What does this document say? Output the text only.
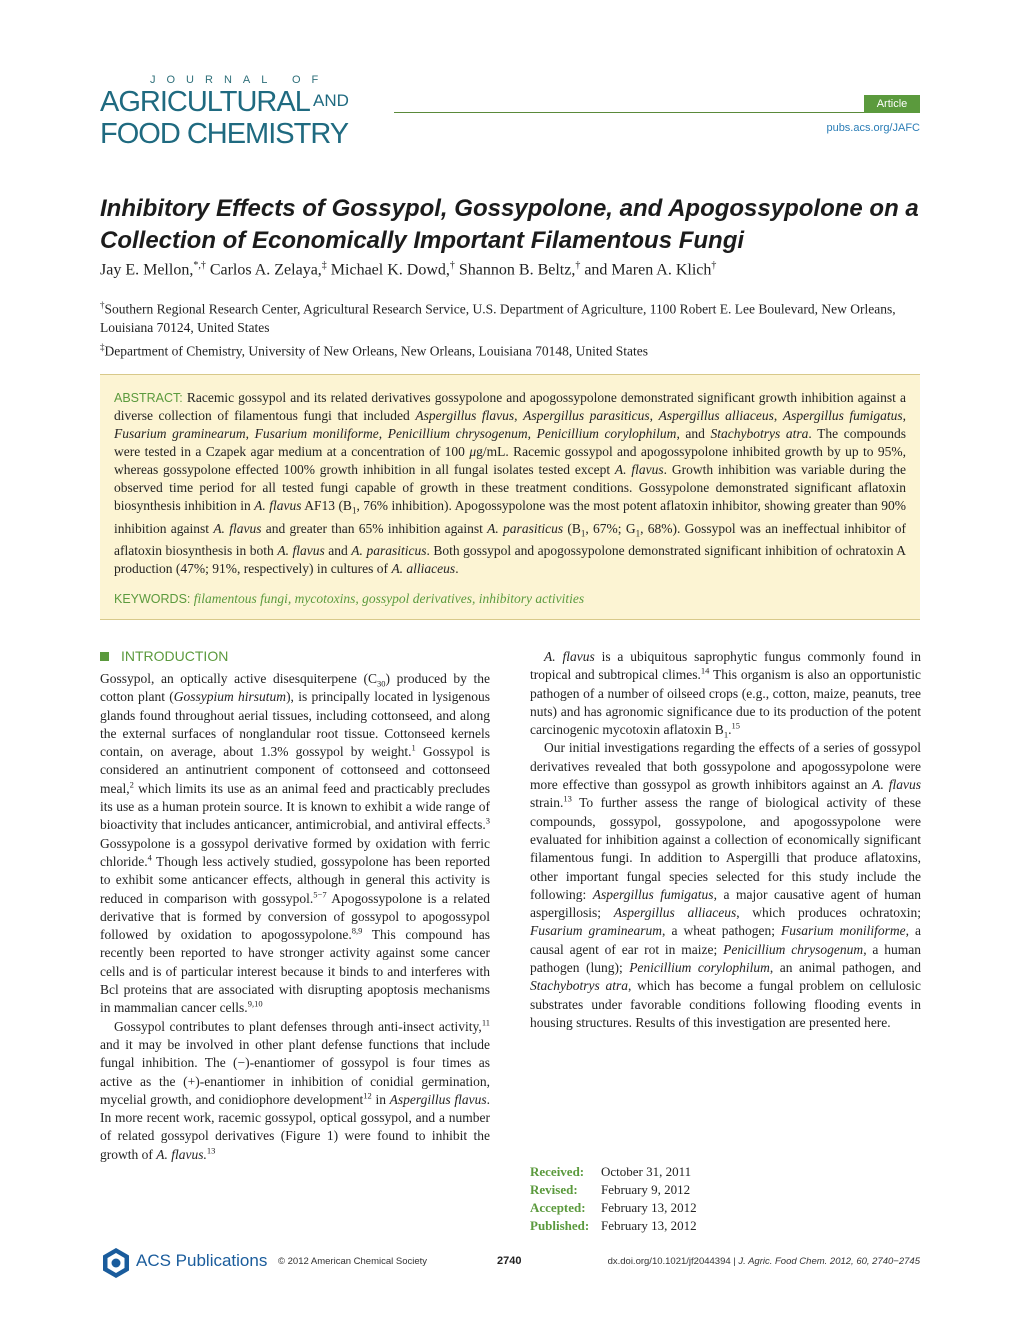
JOURNAL OF
AGRICULTURAL AND
FOOD CHEMISTRY
Article
pubs.acs.org/JAFC
Inhibitory Effects of Gossypol, Gossypolone, and Apogossypolone on a Collection of Economically Important Filamentous Fungi
Jay E. Mellon,*,† Carlos A. Zelaya,‡ Michael K. Dowd,† Shannon B. Beltz,† and Maren A. Klich†
†Southern Regional Research Center, Agricultural Research Service, U.S. Department of Agriculture, 1100 Robert E. Lee Boulevard, New Orleans, Louisiana 70124, United States
‡Department of Chemistry, University of New Orleans, New Orleans, Louisiana 70148, United States

ABSTRACT: Racemic gossypol and its related derivatives gossypolone and apogossypolone demonstrated significant growth inhibition against a diverse collection of filamentous fungi that included Aspergillus flavus, Aspergillus parasiticus, Aspergillus alliaceus, Aspergillus fumigatus, Fusarium graminearum, Fusarium moniliforme, Penicillium chrysogenum, Penicillium corylophilum, and Stachybotrys atra. The compounds were tested in a Czapek agar medium at a concentration of 100 μg/mL. Racemic gossypol and apogossypolone inhibited growth by up to 95%, whereas gossypolone effected 100% growth inhibition in all fungal isolates tested except A. flavus. Growth inhibition was variable during the observed time period for all tested fungi capable of growth in these treatment conditions. Gossypolone demonstrated significant aflatoxin biosynthesis inhibition in A. flavus AF13 ($B_1$, 76% inhibition). Apogossypolone was the most potent aflatoxin inhibitor, showing greater than 90% inhibition against A. flavus and greater than 65% inhibition against A. parasiticus ($B_1$, 67%; $G_1$, 68%). Gossypol was an ineffectual inhibitor of aflatoxin biosynthesis in both A. flavus and A. parasiticus. Both gossypol and apogossypolone demonstrated significant inhibition of ochratoxin A production (47%; 91%, respectively) in cultures of A. alliaceus.

KEYWORDS: filamentous fungi, mycotoxins, gossypol derivatives, inhibitory activities

INTRODUCTION

Gossypol, an optically active disesquiterpene $(C_{30})$ produced by the cotton plant (Gossypium hirsutum), is principally located in lysigenous glands found throughout aerial tissues, including cottonseed, and along the external surfaces of nonglandular root tissue. Cottonseed kernels contain, on average, about 1.3% gossypol by weight.$^1$ Gossypol is considered an antinutrient component of cottonseed and cottonseed meal,$^2$ which limits its use as an animal feed and practicably precludes its use as a human protein source. It is known to exhibit a wide range of bioactivity that includes anticancer, antimicrobial, and antiviral effects.$^3$ Gossypolone is a gossypol derivative formed by oxidation with ferric chloride.$^4$ Though less actively studied, gossypolone has been reported to exhibit some anticancer effects, although in general this activity is reduced in comparison with gossypol.$^{5-7}$ Apogossypolone is a related derivative that is formed by conversion of gossypol to apogossypol followed by oxidation to apogossypolone.$^{8,9}$ This compound has recently been reported to have stronger activity against some cancer cells and is of particular interest because it binds to and interferes with Bcl proteins that are associated with disrupting apoptosis mechanisms in mammalian cancer cells.$^{9,10}$

Gossypol contributes to plant defenses through anti-insect activity,$^{11}$ and it may be involved in other plant defense functions that include fungal inhibition. The (−)-enantiomer of gossypol is four times as active as the (+)-enantiomer in inhibition of conidial germination, mycelial growth, and conidiophore development$^{12}$ in Aspergillus flavus. In more recent work, racemic gossypol, optical gossypol, and a number of related gossypol derivatives (Figure 1) were found to inhibit the growth of A. flavus.$^{13}$

A. flavus is a ubiquitous saprophytic fungus commonly found in tropical and subtropical climes.$^{14}$ This organism is also an opportunistic pathogen of a number of oilseed crops (e.g., cotton, maize, peanuts, tree nuts) and has agronomic significance due to its production of the potent carcinogenic mycotoxin aflatoxin $B_1.^{15}$

Our initial investigations regarding the effects of a series of gossypol derivatives revealed that both gossypolone and apogossypolone were more effective than gossypol as growth inhibitors against an A. flavus strain.$^{13}$ To further assess the range of biological activity of these compounds, gossypol, gossypolone, and apogossypolone were evaluated for inhibition against a collection of economically significant filamentous fungi. In addition to Aspergilli that produce aflatoxins, other important fungal species selected for this study include the following: Aspergillus fumigatus, a major causative agent of human aspergillosis; Aspergillus alliaceus, which produces ochratoxin; Fusarium graminearum, a wheat pathogen; Fusarium moniliforme, a causal agent of ear rot in maize; Penicillium chrysogenum, a human pathogen (lung); Penicillium corylophilum, an animal pathogen, and Stachybotrys atra, which has become a fungal problem on cellulosic substrates under favorable conditions following flooding events in housing structures. Results of this investigation are presented here.

Received:	October 31, 2011
Revised:	February 9, 2012
Accepted:	February 13, 2012
Published:	February 13, 2012
ACS Publications © 2012 American Chemical Society	2740	dx.doi.org/10.1021/jf2044394 | J. Agric. Food Chem. 2012, 60, 2740−2745
